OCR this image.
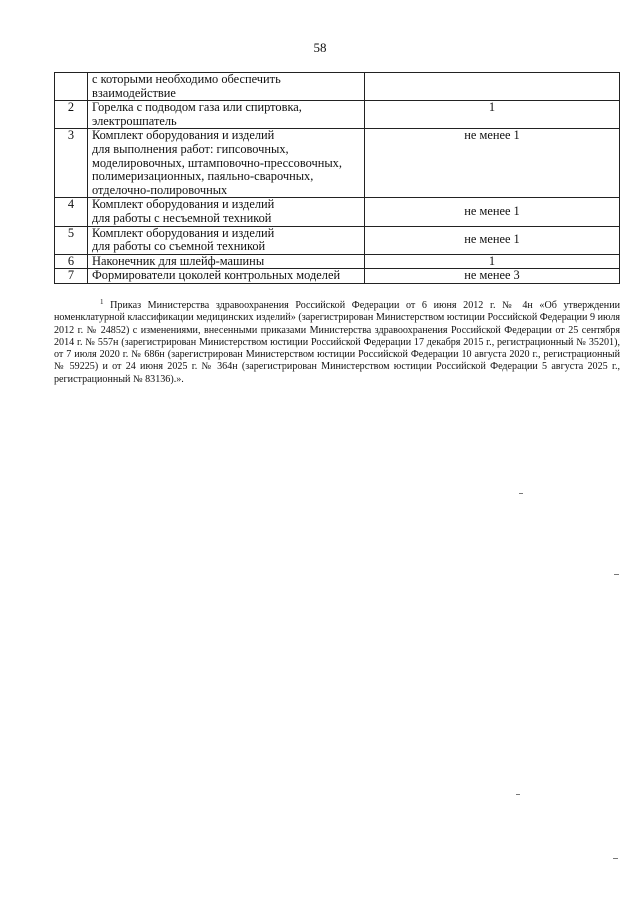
58

	с которыми необходимо обеспечить
взаимодействие	

2	Горелка с подводом газа или спиртовка,
электрошпатель	1
3	Комплект оборудования и изделий
для выполнения работ: гипсовочных,
моделировочных, штамповочно-прессовочных,
полимеризационных, паяльно-сварочных,
отделочно-полировочных	не менее 1
4	Комплект оборудования и изделий
для работы с несъемной техникой	не менее 1
5	Комплект оборудования и изделий
для работы со съемной техникой	не менее 1
6	Наконечник для шлейф-машины	1
7	Формирователи цоколей контрольных моделей	не менее 3
$^1$ Приказ Министерства здравоохранения Российской Федерации от 6 июня 2012 г. № 4н «Об утверждении номенклатурной классификации медицинских изделий» (зарегистрирован Министерством юстиции Российской Федерации 9 июля 2012 г. № 24852) с изменениями, внесенными приказами Министерства здравоохранения Российской Федерации от 25 сентября 2014 г. № 557н (зарегистрирован Министерством юстиции Российской Федерации 17 декабря 2015 г., регистрационный № 35201), от 7 июля 2020 г. № 686н (зарегистрирован Министерством юстиции Российской Федерации 10 августа 2020 г., регистрационный № 59225) и от 24 июня 2025 г. № 364н (зарегистрирован Министерством юстиции Российской Федерации 5 августа 2025 г., регистрационный № 83136).».
